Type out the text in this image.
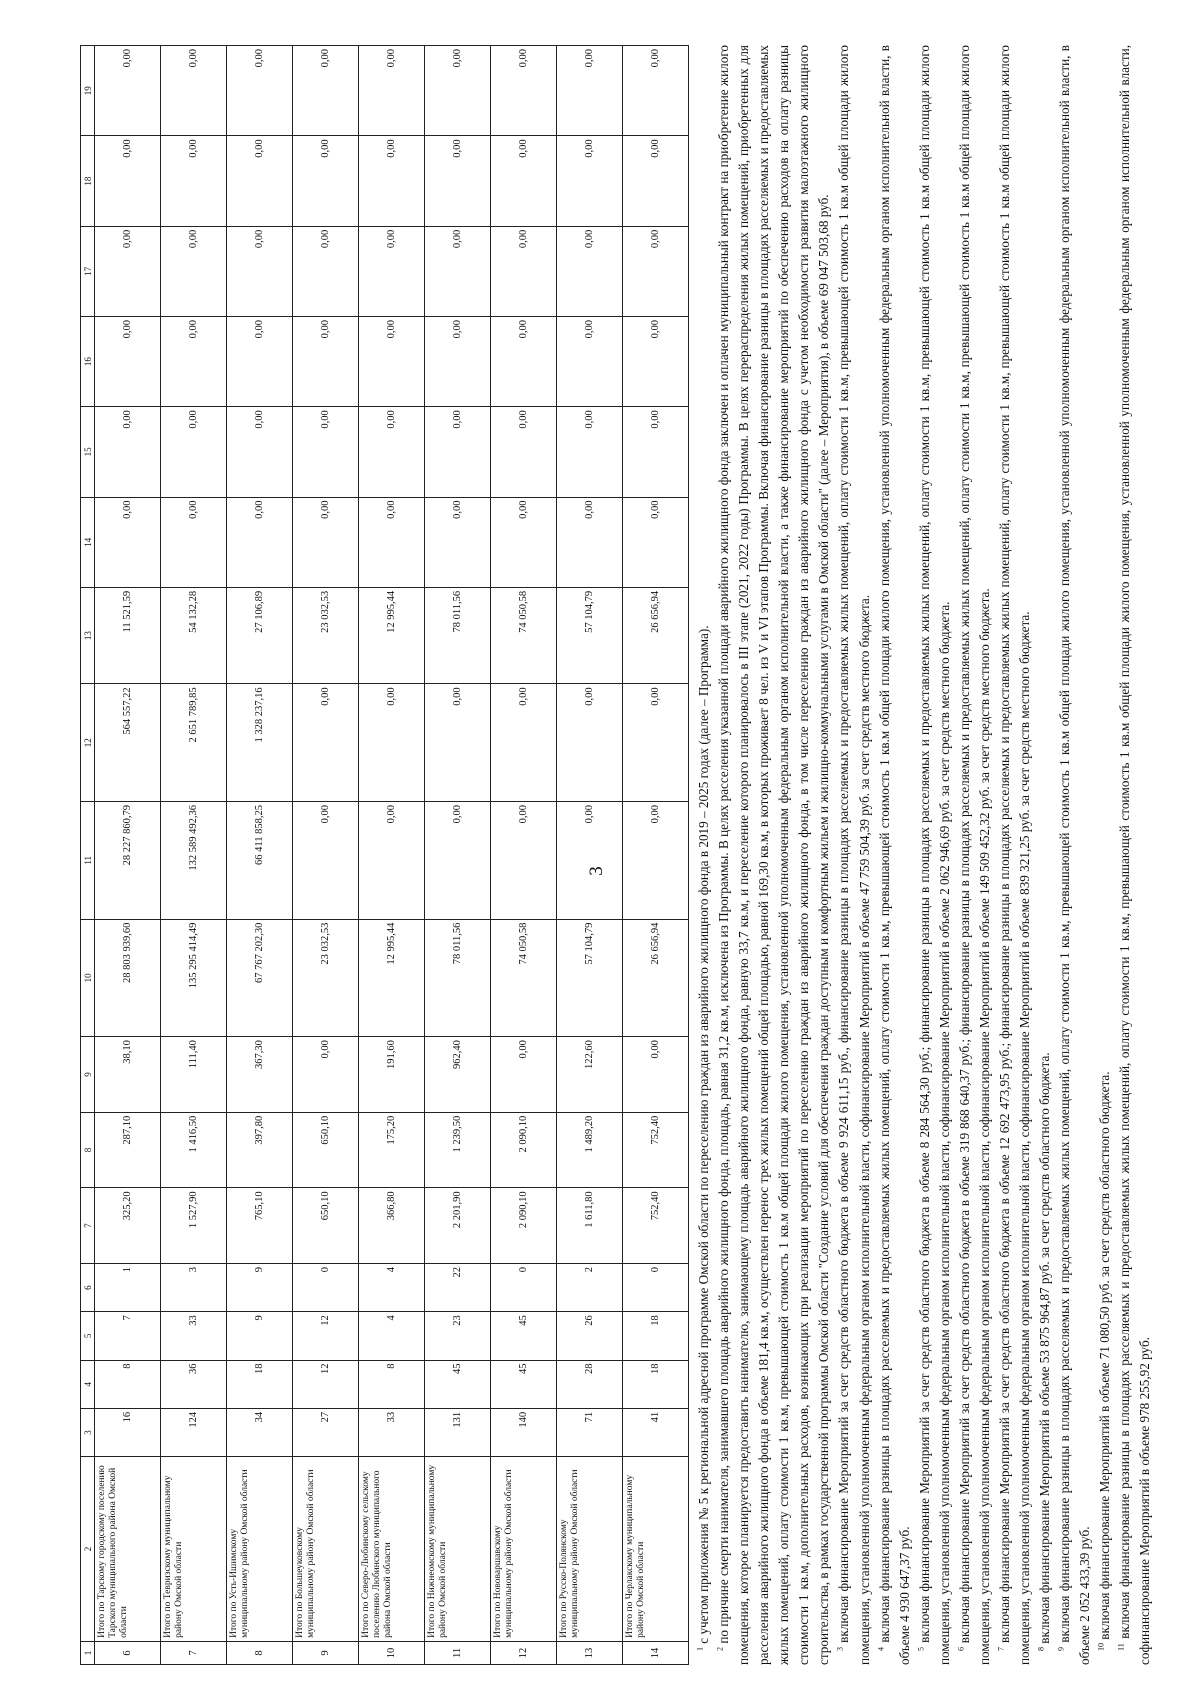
3
1	2	3	4	5	6	7	8	9	10	11	12	13	14	15	16	17	18	19
6	Итого по Тарскому городскому поселению Тарского муниципального района Омской области	16	8	7	1	325,20	287,10	38,10	28 803 939,60	28 227 860,79	564 557,22	11 521,59	0,00	0,00	0,00	0,00	0,00	0,00
7	Итого по Тевризскому муниципальному району Омской области	124	36	33	3	1 527,90	1 416,50	111,40	135 295 414,49	132 589 492,36	2 651 789,85	54 132,28	0,00	0,00	0,00	0,00	0,00	0,00
8	Итого по Усть-Ишимскому муниципальному району Омской области	34	18	9	9	765,10	397,80	367,30	67 767 202,30	66 411 858,25	1 328 237,16	27 106,89	0,00	0,00	0,00	0,00	0,00	0,00
9	Итого по Большеуковскому муниципальному району Омской области	27	12	12	0	650,10	650,10	0,00	23 032,53	0,00	0,00	23 032,53	0,00	0,00	0,00	0,00	0,00	0,00
10	Итого по Северо-Любинскому сельскому поселению Любинского муниципального района Омской области	33	8	4	4	366,80	175,20	191,60	12 995,44	0,00	0,00	12 995,44	0,00	0,00	0,00	0,00	0,00	0,00
11	Итого по Нижнеомскому муниципальному району Омской области	131	45	23	22	2 201,90	1 239,50	962,40	78 011,56	0,00	0,00	78 011,56	0,00	0,00	0,00	0,00	0,00	0,00
12	Итого по Нововаршавскому муниципальному району Омской области	140	45	45	0	2 090,10	2 090,10	0,00	74 050,58	0,00	0,00	74 050,58	0,00	0,00	0,00	0,00	0,00	0,00
13	Итого по Русско-Полянскому муниципальному району Омской области	71	28	26	2	1 611,80	1 489,20	122,60	57 104,79	0,00	0,00	57 104,79	0,00	0,00	0,00	0,00	0,00	0,00
14	Итого по Черлакскому муниципальному району Омской области	41	18	18	0	752,40	752,40	0,00	26 656,94	0,00	0,00	26 656,94	0,00	0,00	0,00	0,00	0,00	0,00

$^1$ с учетом приложения № 5 к региональной адресной программе Омской области по переселению граждан из аварийного жилищного фонда в 2019 – 2025 годах (далее – Программа).

$^2$ по причине смерти нанимателя, занимавшего площадь аварийного жилищного фонда, площадь, равная 31,2 кв.м, исключена из Программы. В целях расселения указанной площади аварийного жилищного фонда заключен и оплачен муниципальный контракт на приобретение жилого помещения, которое планируется предоставить нанимателю, занимающему площадь аварийного жилищного фонда, равную 33,7 кв.м, и переселение которого планировалось в III этапе (2021, 2022 годы) Программы. В целях перераспределения жилых помещений, приобретенных для расселения аварийного жилищного фонда в объеме 181,4 кв.м, осуществлен перенос трех жилых помещений общей площадью, равной 169,30 кв.м, в которых проживает 8 чел. из V и VI этапов Программы. Включая финансирование разницы в площадях расселяемых и предоставляемых жилых помещений, оплату стоимости 1 кв.м, превышающей стоимость 1 кв.м общей площади жилого помещения, установленной уполномоченным федеральным органом исполнительной власти, а также финансирование мероприятий по обеспечению расходов на оплату разницы стоимости 1 кв.м, дополнительных расходов, возникающих при реализации мероприятий по переселению граждан из аварийного жилищного фонда, в том числе переселению граждан из аварийного жилищного фонда с учетом необходимости развития малоэтажного жилищного строительства, в рамках государственной программы Омской области "Создание условий для обеспечения граждан доступным и комфортным жильем и жилищно-коммунальными услугами в Омской области" (далее – Мероприятия), в объеме 69 047 503,68 руб. $^3$ включая финансирование Мероприятий за счет средств областного бюджета в объеме 9 924 611,15 руб., финансирование разницы в площадях расселяемых и предоставляемых жилых помещений, оплату стоимости 1 кв.м, превышающей стоимость 1 кв.м общей площади жилого помещения, установленной уполномоченным федеральным органом исполнительной власти, софинансирование Мероприятий в объеме 47 759 504,39 руб. за счет средств местного бюджета. $^4$ включая финансирование разницы в площадях расселяемых и предоставляемых жилых помещений, оплату стоимости 1 кв.м, превышающей стоимость 1 кв.м общей площади жилого помещения, установленной уполномоченным федеральным органом исполнительной власти, в объеме 4 930 647,37 руб. $^5$ включая финансирование Мероприятий за счет средств областного бюджета в объеме 8 284 564,30 руб.; финансирование разницы в площадях расселяемых и предоставляемых жилых помещений, оплату стоимости 1 кв.м, превышающей стоимость 1 кв.м общей площади жилого помещения, установленной уполномоченным федеральным органом исполнительной власти, софинансирование Мероприятий в объеме 2 062 946,69 руб. за счет средств местного бюджета. $^6$ включая финансирование Мероприятий за счет средств областного бюджета в объеме 319 868 640,37 руб.; финансирование разницы в площадях расселяемых и предоставляемых жилых помещений, оплату стоимости 1 кв.м, превышающей стоимость 1 кв.м общей площади жилого помещения, установленной уполномоченным федеральным органом исполнительной власти, софинансирование Мероприятий в объеме 149 509 452,32 руб. за счет средств местного бюджета. $^7$ включая финансирование Мероприятий за счет средств областного бюджета в объеме 12 692 473,95 руб.; финансирование разницы в площадях расселяемых и предоставляемых жилых помещений, оплату стоимости 1 кв.м, превышающей стоимость 1 кв.м общей площади жилого помещения, установленной уполномоченным федеральным органом исполнительной власти, софинансирование Мероприятий в объеме 839 321,25 руб. за счет средств местного бюджета. $^8$ включая финансирование Мероприятий в объеме 53 875 964,87 руб. за счет средств областного бюджета.

$^9$ включая финансирование разницы в площадях расселяемых и предоставляемых жилых помещений, оплату стоимости 1 кв.м, превышающей стоимость 1 кв.м общей площади жилого помещения, установленной уполномоченным федеральным органом исполнительной власти, в объеме 2 052 433,39 руб. $^{10}$ включая финансирование Мероприятий в объеме 71 080,50 руб. за счет средств областного бюджета.

$^{11}$ включая финансирование разницы в площадях расселяемых и предоставляемых жилых помещений, оплату стоимости 1 кв.м, превышающей стоимость 1 кв.м общей площади жилого помещения, установленной уполномоченным федеральным органом исполнительной власти, софинансирование Мероприятий в объеме 978 255,92 руб.
